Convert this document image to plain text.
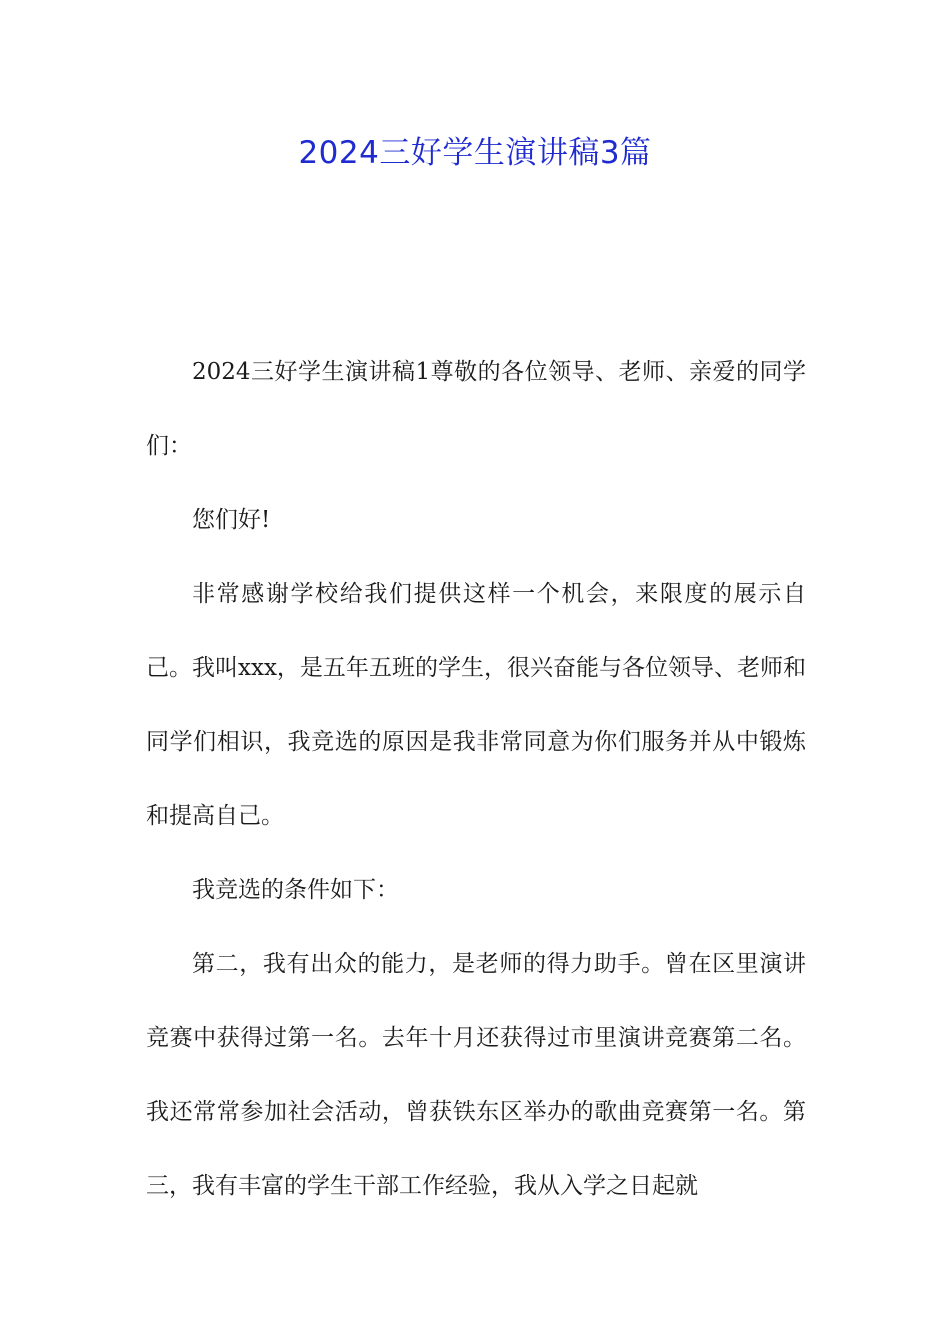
2024三好学生演讲稿3篇

2024三好学生演讲稿1尊敬的各位领导、老师、亲爱的同学们：

您们好!

非常感谢学校给我们提供这样一个机会，来限度的展示自己。我叫xxx，是五年五班的学生，很兴奋能与各位领导、老师和同学们相识，我竞选的原因是我非常同意为你们服务并从中锻炼和提高自己。

我竞选的条件如下：

第二，我有出众的能力，是老师的得力助手。曾在区里演讲竞赛中获得过第一名。去年十月还获得过市里演讲竞赛第二名。我还常常参加社会活动，曾获铁东区举办的歌曲竞赛第一名。第三，我有丰富的学生干部工作经验，我从入学之日起就
